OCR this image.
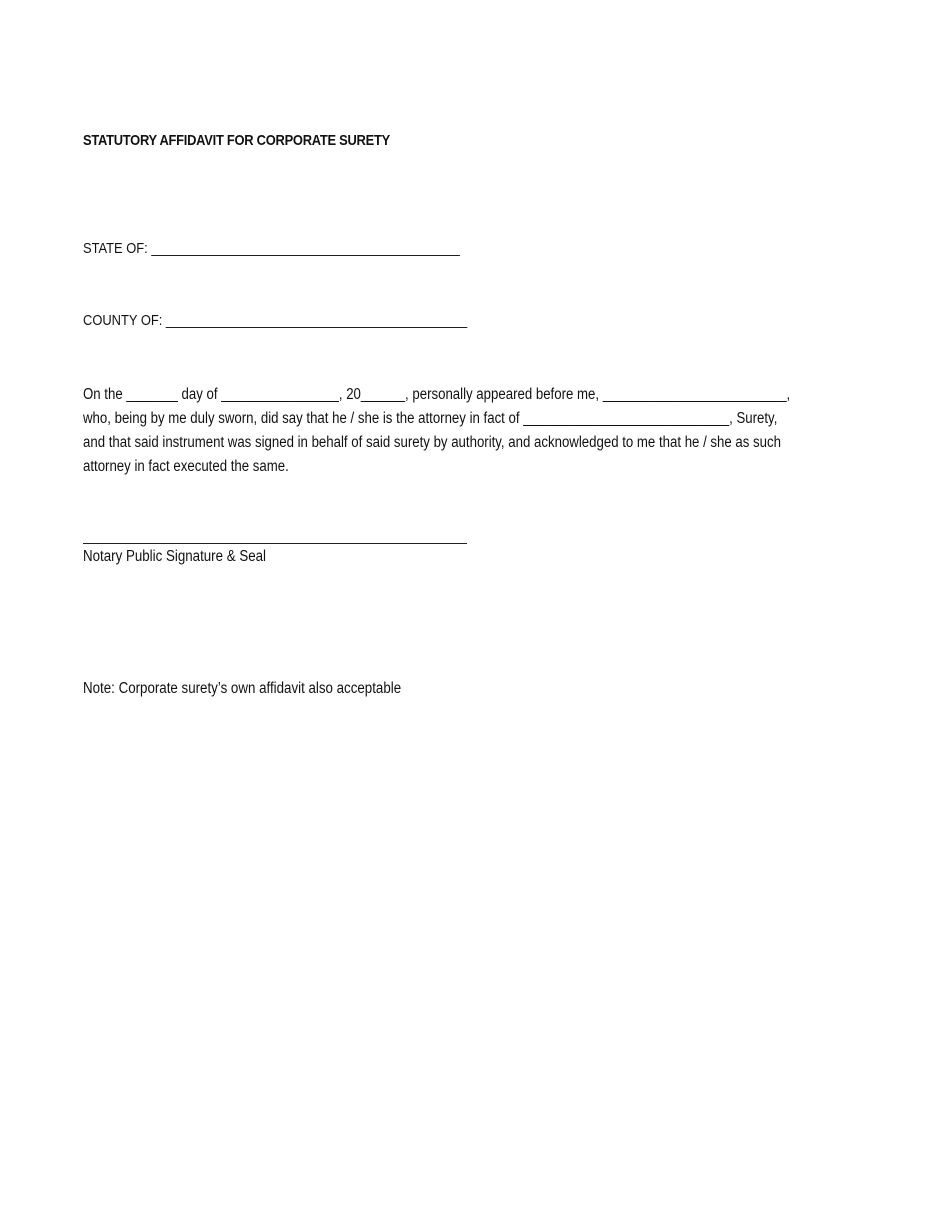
STATUTORY AFFIDAVIT FOR CORPORATE SURETY
STATE OF: ___________________________________________
COUNTY OF: __________________________________________
On the _______ day of ________________, 20______, personally appeared before me, _________________________,
who, being by me duly sworn, did say that he / she is the attorney in fact of ____________________________, Surety,
and that said instrument was signed in behalf of said surety by authority, and acknowledged to me that he / she as such
attorney in fact executed the same.
Notary Public Signature & Seal
Note: Corporate surety’s own affidavit also acceptable
